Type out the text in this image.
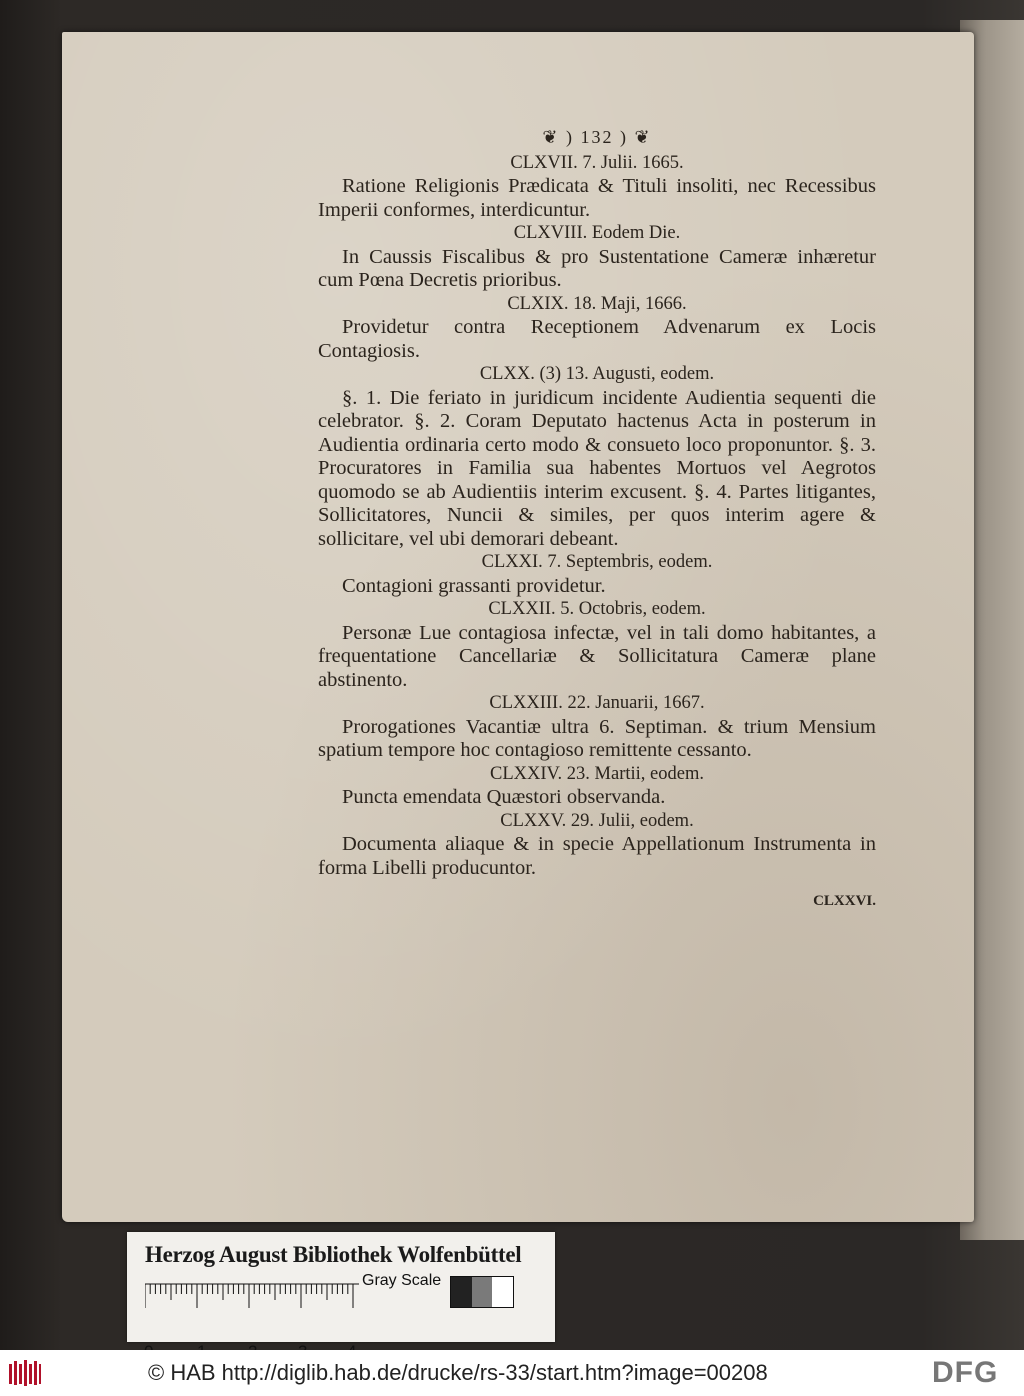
❦ ) 132 ) ❦
CLXVII. 7. Julii. 1665.
Ratione Religionis Prædicata & Tituli insoliti, nec Recessibus Imperii conformes, interdicuntur.
CLXVIII. Eodem Die.
In Caussis Fiscalibus & pro Sustentatione Cameræ inhæretur cum Pœna Decretis prioribus.
CLXIX. 18. Maji, 1666.
Providetur contra Receptionem Advenarum ex Locis Contagiosis.
CLXX. (3) 13. Augusti, eodem.
§. 1. Die feriato in juridicum incidente Audientia sequenti die celebrator. §. 2. Coram Deputato hactenus Acta in posterum in Audientia ordinaria certo modo & consueto loco proponuntor. §. 3. Procuratores in Familia sua habentes Mortuos vel Aegrotos quomodo se ab Audientiis interim excusent. §. 4. Partes litigantes, Sollicitatores, Nuncii & similes, per quos interim agere & sollicitare, vel ubi demorari debeant.
CLXXI. 7. Septembris, eodem.
Contagioni grassanti providetur.
CLXXII. 5. Octobris, eodem.
Personæ Lue contagiosa infectæ, vel in tali domo habitantes, a frequentatione Cancellariæ & Sollicitatura Cameræ plane abstinento.
CLXXIII. 22. Januarii, 1667.
Prorogationes Vacantiæ ultra 6. Septiman. & trium Mensium spatium tempore hoc contagioso remittente cessanto.
CLXXIV. 23. Martii, eodem.
Puncta emendata Quæstori observanda.
CLXXV. 29. Julii, eodem.
Documenta aliaque & in specie Appellationum Instrumenta in forma Libelli producuntor.
CLXXVI.
Herzog August Bibliothek Wolfenbüttel
Gray Scale
© HAB http://diglib.hab.de/drucke/rs-33/start.htm?image=00208	DFG
